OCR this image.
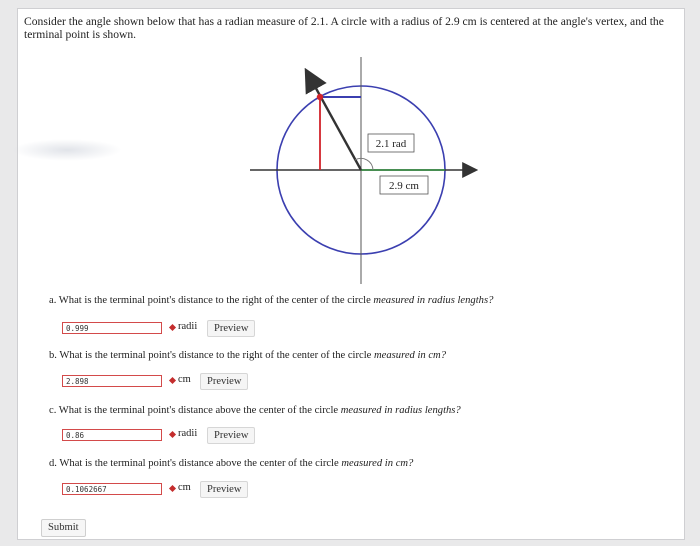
Consider the angle shown below that has a radian measure of 2.1. A circle with a radius of 2.9 cm is centered at the angle's vertex, and the terminal point is shown.
2.1 rad
2.9 cm
a. What is the terminal point's distance to the right of the center of the circle measured in radius lengths?
0.999	radii	Preview
b. What is the terminal point's distance to the right of the center of the circle measured in cm?
2.898	cm	Preview
c. What is the terminal point's distance above the center of the circle measured in radius lengths?
0.86	radii	Preview
d. What is the terminal point's distance above the center of the circle measured in cm?
0.1062667	cm	Preview
Submit
